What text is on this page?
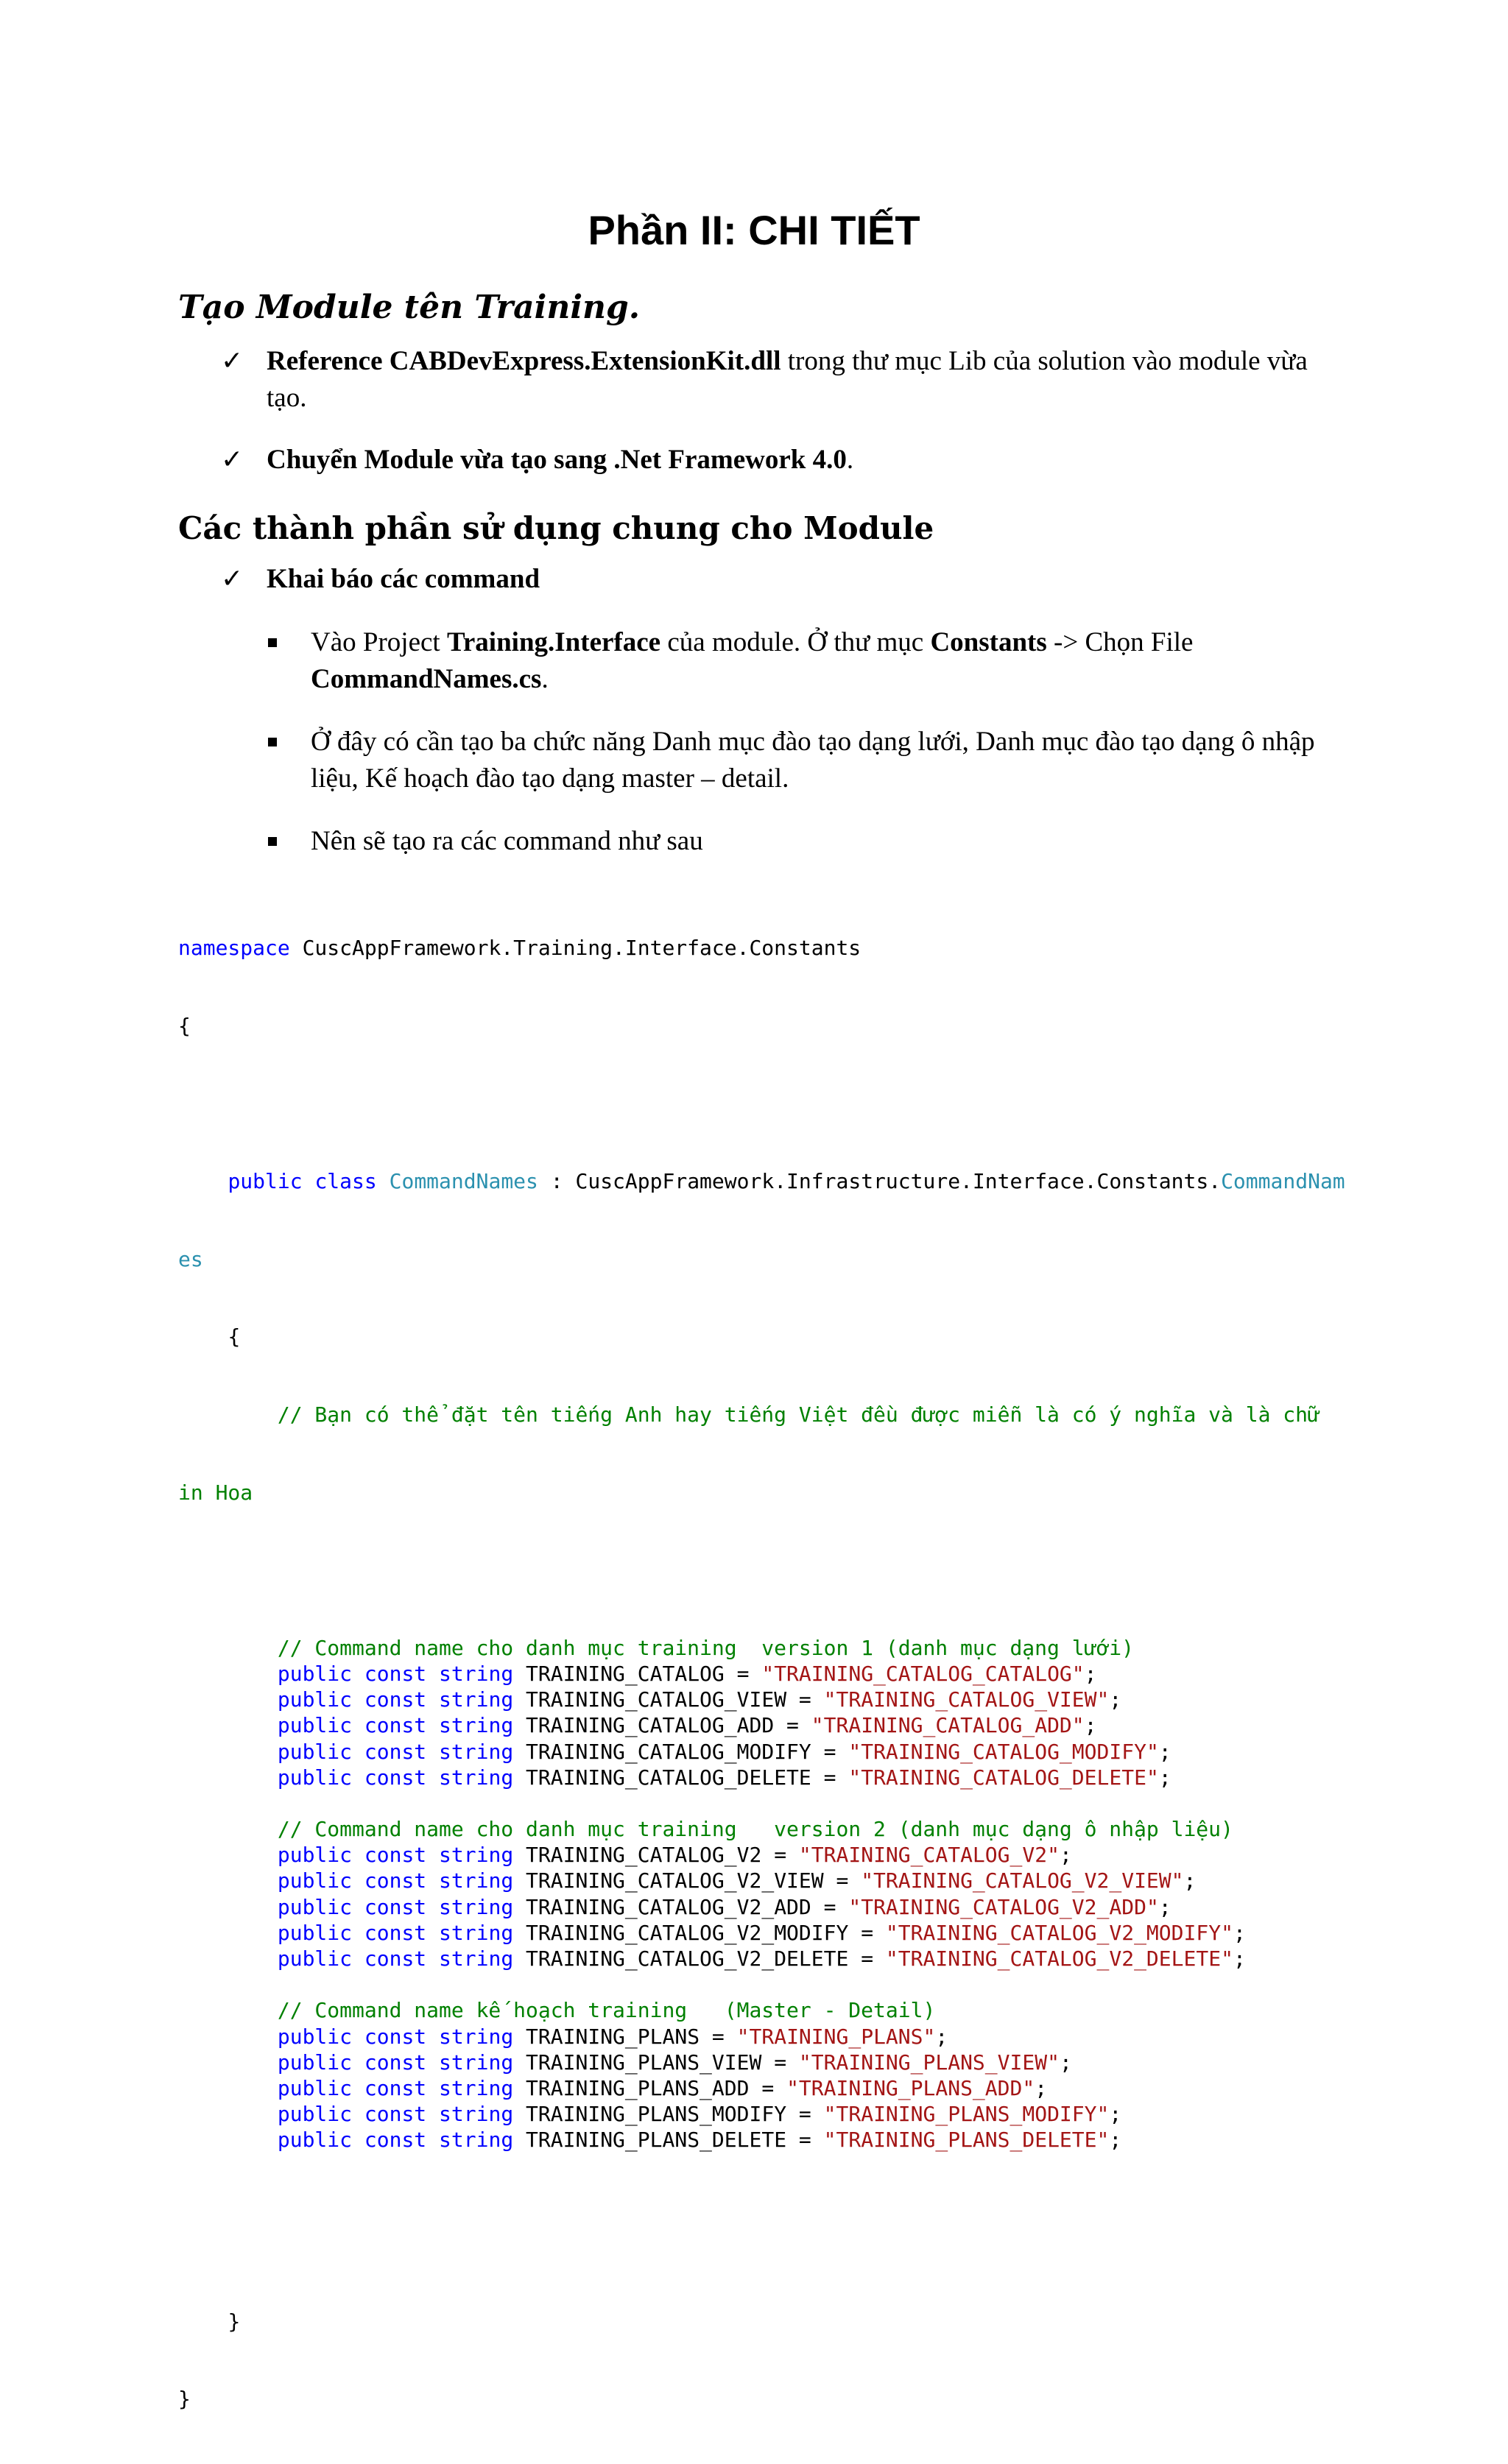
Phần II: CHI TIẾT
Tạo Module tên Training.
✓ Reference CABDevExpress.ExtensionKit.dll trong thư mục Lib của solution vào module vừa
tạo.
✓ Chuyển Module vừa tạo sang .Net Framework 4.0.
Các thành phần sử dụng chung cho Module
✓ Khai báo các command
Vào Project Training.Interface của module. Ở thư mục Constants -> Chọn File
CommandNames.cs.
Ở đây có cần tạo ba chức năng Danh mục đào tạo dạng lưới, Danh mục đào tạo dạng ô nhập
liệu, Kế hoạch đào tạo dạng master – detail.
Nên sẽ tạo ra các command như sau

namespace CuscAppFramework.Training.Interface.Constants

{

public class CommandNames : CuscAppFramework.Infrastructure.Interface.Constants.CommandNam

es

{

// Bạn có thể đặt tên tiếng Anh hay tiếng Việt đều được miễn là có ý nghĩa và là chữ

in Hoa

// Command name cho danh mục training  version 1 (danh mục dạng lưới)
public const string TRAINING_CATALOG = "TRAINING_CATALOG_CATALOG";
public const string TRAINING_CATALOG_VIEW = "TRAINING_CATALOG_VIEW";
public const string TRAINING_CATALOG_ADD = "TRAINING_CATALOG_ADD";
public const string TRAINING_CATALOG_MODIFY = "TRAINING_CATALOG_MODIFY";
public const string TRAINING_CATALOG_DELETE = "TRAINING_CATALOG_DELETE";

// Command name cho danh mục training   version 2 (danh mục dạng ô nhập liệu)
public const string TRAINING_CATALOG_V2 = "TRAINING_CATALOG_V2";
public const string TRAINING_CATALOG_V2_VIEW = "TRAINING_CATALOG_V2_VIEW";
public const string TRAINING_CATALOG_V2_ADD = "TRAINING_CATALOG_V2_ADD";
public const string TRAINING_CATALOG_V2_MODIFY = "TRAINING_CATALOG_V2_MODIFY";
public const string TRAINING_CATALOG_V2_DELETE = "TRAINING_CATALOG_V2_DELETE";

// Command name kế hoạch training   (Master - Detail)
public const string TRAINING_PLANS = "TRAINING_PLANS";
public const string TRAINING_PLANS_VIEW = "TRAINING_PLANS_VIEW";
public const string TRAINING_PLANS_ADD = "TRAINING_PLANS_ADD";
public const string TRAINING_PLANS_MODIFY = "TRAINING_PLANS_MODIFY";
public const string TRAINING_PLANS_DELETE = "TRAINING_PLANS_DELETE";

}

}
